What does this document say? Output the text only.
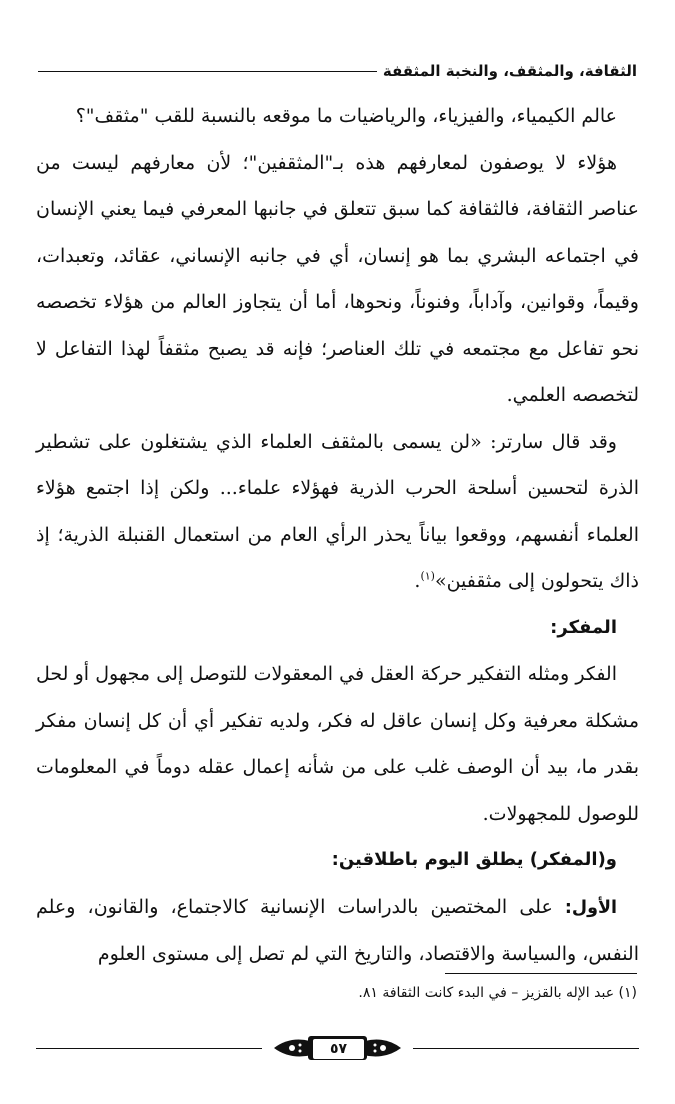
الثقافة، والمثقف، والنخبة المثقفة

عالم الكيمياء، والفيزياء، والرياضيات ما موقعه بالنسبة للقب "مثقف"؟

هؤلاء لا يوصفون لمعارفهم هذه بـ"المثقفين"؛ لأن معارفهم ليست من عناصر الثقافة، فالثقافة كما سبق تتعلق في جانبها المعرفي فيما يعني الإنسان في اجتماعه البشري بما هو إنسان، أي في جانبه الإنساني، عقائد، وتعبدات، وقيماً، وقوانين، وآداباً، وفنوناً، ونحوها، أما أن يتجاوز العالم من هؤلاء تخصصه نحو تفاعل مع مجتمعه في تلك العناصر؛ فإنه قد يصبح مثقفاً لهذا التفاعل لا لتخصصه العلمي.

وقد قال سارتر: «لن يسمى بالمثقف العلماء الذي يشتغلون على تشطير الذرة لتحسين أسلحة الحرب الذرية فهؤلاء علماء... ولكن إذا اجتمع هؤلاء العلماء أنفسهم، ووقعوا بياناً يحذر الرأي العام من استعمال القنبلة الذرية؛ إذ ذاك يتحولون إلى مثقفين»$^{(١)}$.

المفكر:

الفكر ومثله التفكير حركة العقل في المعقولات للتوصل إلى مجهول أو لحل مشكلة معرفية وكل إنسان عاقل له فكر، ولديه تفكير أي أن كل إنسان مفكر بقدر ما، بيد أن الوصف غلب على من شأنه إعمال عقله دوماً في المعلومات للوصول للمجهولات.

و(المفكر) يطلق اليوم باطلاقين:

الأول: على المختصين بالدراسات الإنسانية كالاجتماع، والقانون، وعلم النفس، والسياسة والاقتصاد، والتاريخ التي لم تصل إلى مستوى العلوم

(١) عبد الإله بالقزيز – في البدء كانت الثقافة ٨١.
٥٧
